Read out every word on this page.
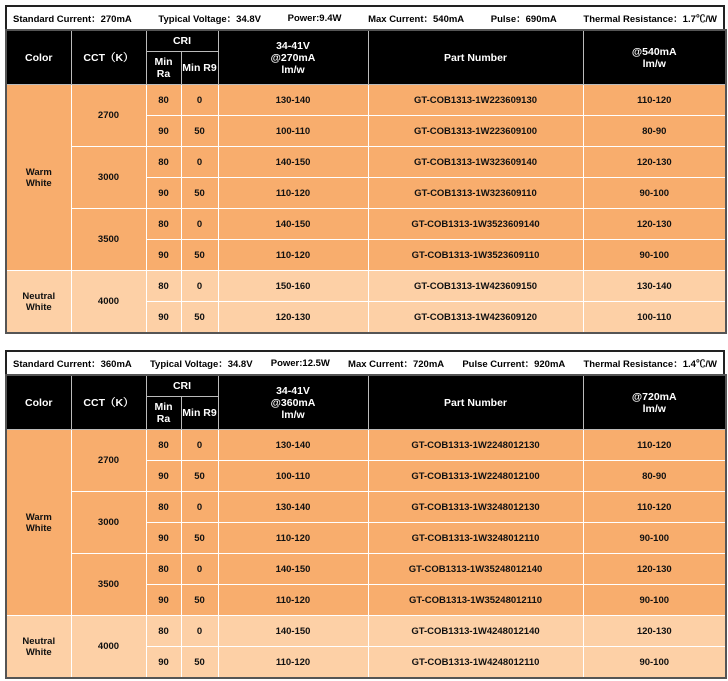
Standard Current：270mA	Typical Voltage：34.8V	Power:9.4W	Max Current：540mA	Pulse：690mA	Thermal Resistance：1.7℃/W
Color	CCT（K）	CRI		34-41V @270mA lm/w	Part Number	@540mA lm/w
		Min Ra	Min R9			
Warm White	2700	80	0	130-140	GT-COB1313-1W223609130	110-120
		90	50	100-110	GT-COB1313-1W223609100	80-90
	3000	80	0	140-150	GT-COB1313-1W323609140	120-130
		90	50	110-120	GT-COB1313-1W323609110	90-100
	3500	80	0	140-150	GT-COB1313-1W3523609140	120-130
		90	50	110-120	GT-COB1313-1W3523609110	90-100
Neutral White	4000	80	0	150-160	GT-COB1313-1W423609150	130-140
		90	50	120-130	GT-COB1313-1W423609120	100-110
Standard Current：360mA Typical Voltage：34.8V Power:12.5W Max Current：720mA Pulse Current：920mA Thermal Resistance：1.4℃/W
Color	CCT（K）	CRI		34-41V @360mA lm/w	Part Number	@720mA lm/w
		Min Ra	Min R9			
Warm White	2700	80	0	130-140	GT-COB1313-1W2248012130	110-120
		90	50	100-110	GT-COB1313-1W2248012100	80-90
	3000	80	0	130-140	GT-COB1313-1W3248012130	110-120
		90	50	110-120	GT-COB1313-1W3248012110	90-100
	3500	80	0	140-150	GT-COB1313-1W35248012140	120-130
		90	50	110-120	GT-COB1313-1W35248012110	90-100
Neutral White	4000	80	0	140-150	GT-COB1313-1W4248012140	120-130
		90	50	110-120	GT-COB1313-1W4248012110	90-100
